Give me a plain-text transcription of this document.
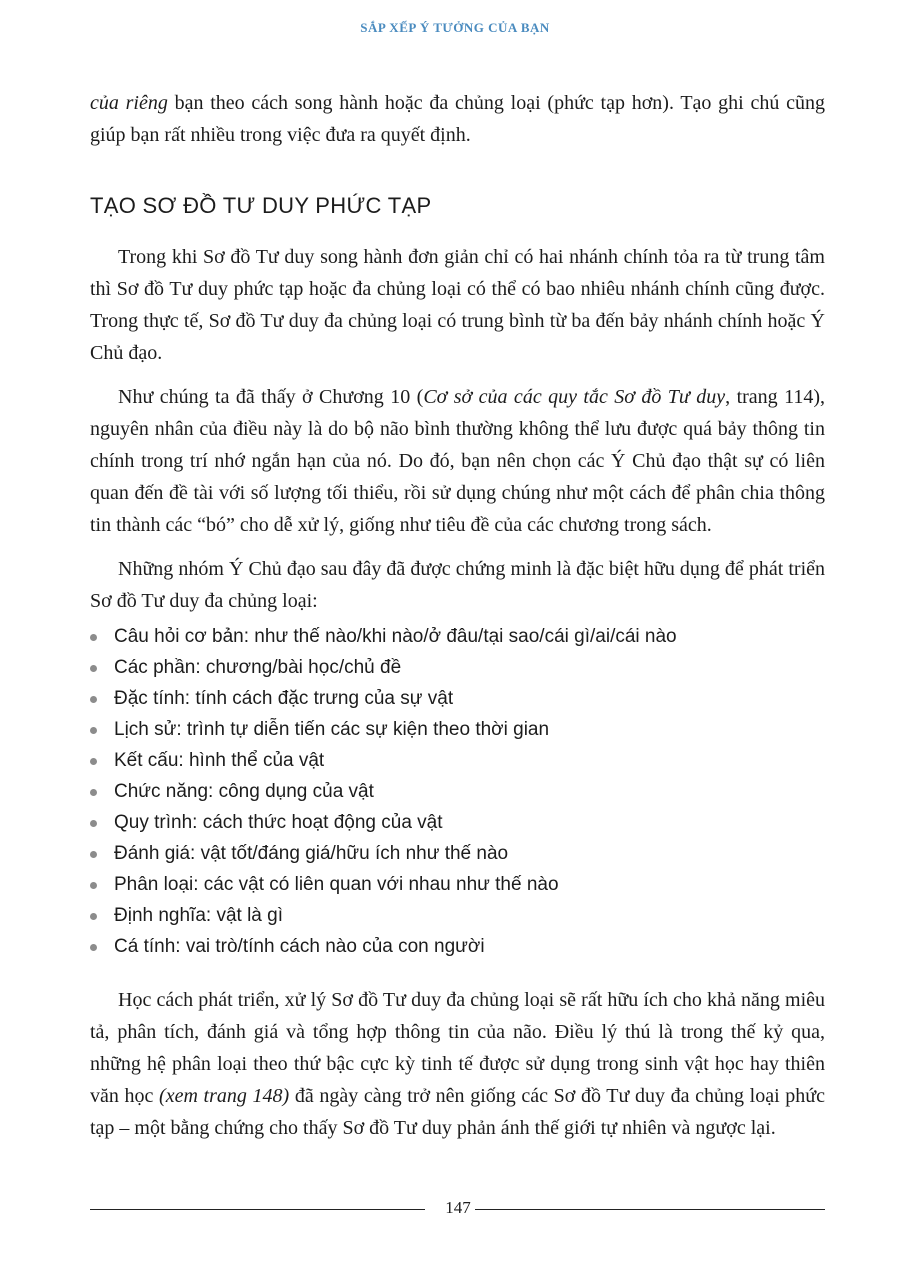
SẮP XẾP Ý TƯỞNG CỦA BẠN

của riêng bạn theo cách song hành hoặc đa chủng loại (phức tạp hơn). Tạo ghi chú cũng giúp bạn rất nhiều trong việc đưa ra quyết định.

TẠO SƠ ĐỒ TƯ DUY PHỨC TẠP

Trong khi Sơ đồ Tư duy song hành đơn giản chỉ có hai nhánh chính tỏa ra từ trung tâm thì Sơ đồ Tư duy phức tạp hoặc đa chủng loại có thể có bao nhiêu nhánh chính cũng được. Trong thực tế, Sơ đồ Tư duy đa chủng loại có trung bình từ ba đến bảy nhánh chính hoặc Ý Chủ đạo.

Như chúng ta đã thấy ở Chương 10 (Cơ sở của các quy tắc Sơ đồ Tư duy, trang 114), nguyên nhân của điều này là do bộ não bình thường không thể lưu được quá bảy thông tin chính trong trí nhớ ngắn hạn của nó. Do đó, bạn nên chọn các Ý Chủ đạo thật sự có liên quan đến đề tài với số lượng tối thiểu, rồi sử dụng chúng như một cách để phân chia thông tin thành các “bó” cho dễ xử lý, giống như tiêu đề của các chương trong sách.

Những nhóm Ý Chủ đạo sau đây đã được chứng minh là đặc biệt hữu dụng để phát triển Sơ đồ Tư duy đa chủng loại:

Câu hỏi cơ bản: như thế nào/khi nào/ở đâu/tại sao/cái gì/ai/cái nào
Các phần: chương/bài học/chủ đề
Đặc tính: tính cách đặc trưng của sự vật
Lịch sử: trình tự diễn tiến các sự kiện theo thời gian
Kết cấu: hình thể của vật
Chức năng: công dụng của vật
Quy trình: cách thức hoạt động của vật
Đánh giá: vật tốt/đáng giá/hữu ích như thế nào
Phân loại: các vật có liên quan với nhau như thế nào
Định nghĩa: vật là gì
Cá tính: vai trò/tính cách nào của con người

Học cách phát triển, xử lý Sơ đồ Tư duy đa chủng loại sẽ rất hữu ích cho khả năng miêu tả, phân tích, đánh giá và tổng hợp thông tin của não. Điều lý thú là trong thế kỷ qua, những hệ phân loại theo thứ bậc cực kỳ tinh tế được sử dụng trong sinh vật học hay thiên văn học (xem trang 148) đã ngày càng trở nên giống các Sơ đồ Tư duy đa chủng loại phức tạp – một bằng chứng cho thấy Sơ đồ Tư duy phản ánh thế giới tự nhiên và ngược lại.

147
